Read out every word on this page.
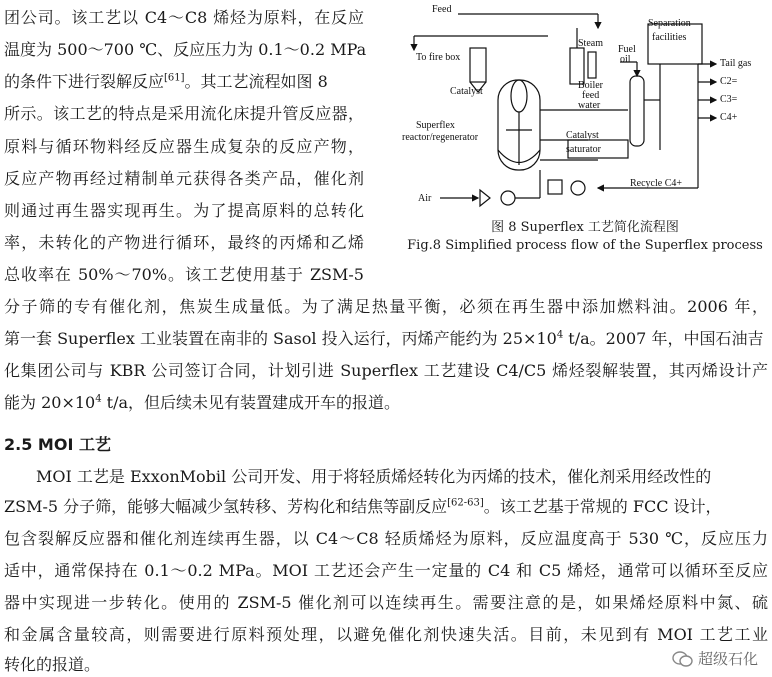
团公司。该工艺以 C4～C8 烯烃为原料，在反应
温度为 500～700 ℃、反应压力为 0.1～0.2 MPa
的条件下进行裂解反应[61]。其工艺流程如图 8
所示。该工艺的特点是采用流化床提升管反应器，
原料与循环物料经反应器生成复杂的反应产物，
反应产物再经过精制单元获得各类产品，催化剂
则通过再生器实现再生。为了提高原料的总转化
率，未转化的产物进行循环，最终的丙烯和乙烯
总收率在 50%～70%。该工艺使用基于 ZSM-5
Feed
Separation
facilities
To fire box
Steam
Catalyst
Boiler
feed
water
Fuel
oil	Tail gas
C2=
C3=
C4+
Superflex
reactor/regenerator	Catalyst
saturator
Air
Recycle C4+
图 8 Superflex 工艺简化流程图
Fig.8 Simplified process flow of the Superflex process
分子筛的专有催化剂，焦炭生成量低。为了满足热量平衡，必须在再生器中添加燃料油。2006 年，
第一套 Superflex 工业装置在南非的 Sasol 投入运行，丙烯产能约为 $25\times 10^4$ t/a。2007 年，中国石油吉
化集团公司与 KBR 公司签订合同，计划引进 Superflex 工艺建设 C4/C5 烯烃裂解装置，其丙烯设计产
能为 $20\times 10^4$ t/a，但后续未见有装置建成开车的报道。
2.5 MOI 工艺
MOI 工艺是 ExxonMobil 公司开发、用于将轻质烯烃转化为丙烯的技术，催化剂采用经改性的
ZSM-5 分子筛，能够大幅减少氢转移、芳构化和结焦等副反应[62-63]。该工艺基于常规的 FCC 设计，
包含裂解反应器和催化剂连续再生器，以 C4～C8 轻质烯烃为原料，反应温度高于 530 ℃，反应压力
适中，通常保持在 0.1～0.2 MPa。MOI 工艺还会产生一定量的 C4 和 C5 烯烃，通常可以循环至反应
器中实现进一步转化。使用的 ZSM-5 催化剂可以连续再生。需要注意的是，如果烯烃原料中氮、硫
和金属含量较高，则需要进行原料预处理，以避免催化剂快速失活。目前，未见到有 MOI 工艺工业
转化的报道。	超级石化
